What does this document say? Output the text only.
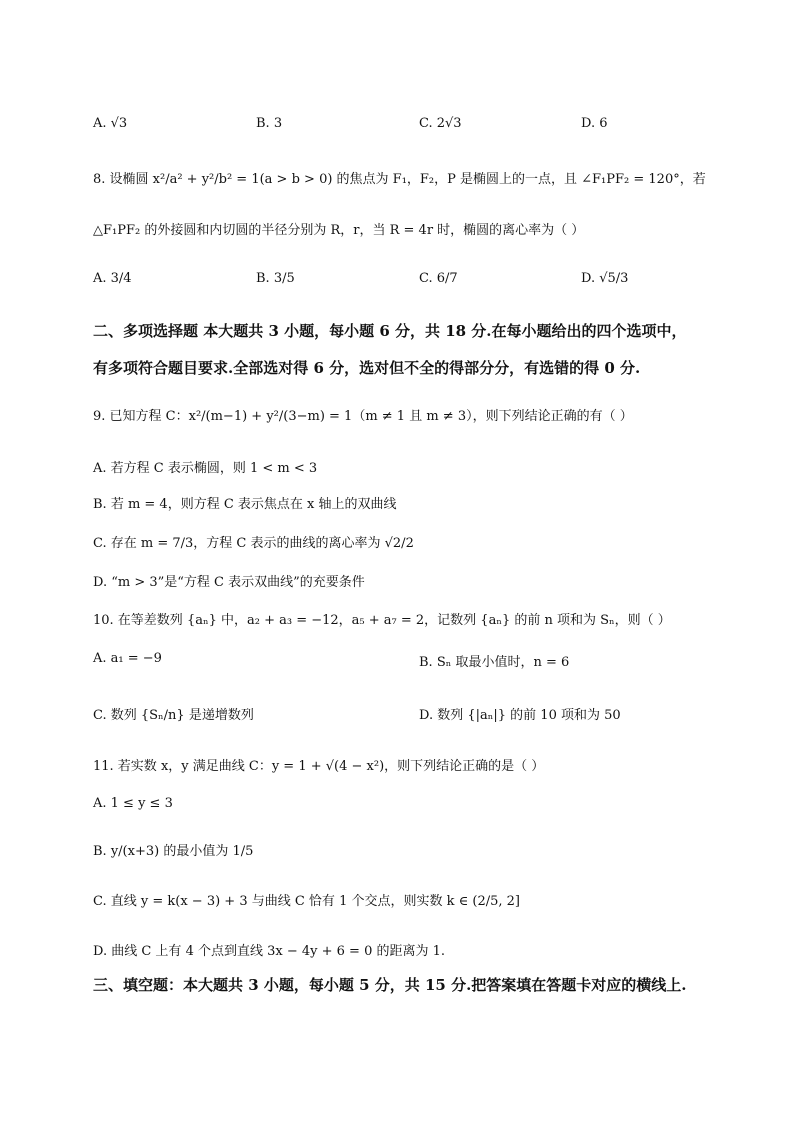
A. √3	B. 3	C. 2√3	D. 6
8. 设椭圆 x²/a² + y²/b² = 1(a > b > 0) 的焦点为 F₁，F₂，P 是椭圆上的一点，且 ∠F₁PF₂ = 120°，若
△F₁PF₂ 的外接圆和内切圆的半径分别为 R，r，当 R = 4r 时，椭圆的离心率为（ ）
A. 3/4	B. 3/5	C. 6/7	D. √5/3
二、多项选择题 本大题共 3 小题，每小题 6 分，共 18 分.在每小题给出的四个选项中，
有多项符合题目要求.全部选对得 6 分，选对但不全的得部分分，有选错的得 0 分.
9. 已知方程 C：x²/(m−1) + y²/(3−m) = 1（m ≠ 1 且 m ≠ 3），则下列结论正确的有（ ）
A. 若方程 C 表示椭圆，则 1 < m < 3
B. 若 m = 4，则方程 C 表示焦点在 x 轴上的双曲线
C. 存在 m = 7/3，方程 C 表示的曲线的离心率为 √2/2
D. “m > 3”是“方程 C 表示双曲线”的充要条件
10. 在等差数列 {aₙ} 中，a₂ + a₃ = −12，a₅ + a₇ = 2，记数列 {aₙ} 的前 n 项和为 Sₙ，则（ ）
A. a₁ = −9	B. Sₙ 取最小值时，n = 6
C. 数列 {Sₙ/n} 是递增数列	D. 数列 {|aₙ|} 的前 10 项和为 50
11. 若实数 x，y 满足曲线 C：y = 1 + √(4 − x²)，则下列结论正确的是（ ）
A. 1 ≤ y ≤ 3
B. y/(x+3) 的最小值为 1/5
C. 直线 y = k(x − 3) + 3 与曲线 C 恰有 1 个交点，则实数 k ∈ (2/5, 2]
D. 曲线 C 上有 4 个点到直线 3x − 4y + 6 = 0 的距离为 1.
三、填空题：本大题共 3 小题，每小题 5 分，共 15 分.把答案填在答题卡对应的横线上.
